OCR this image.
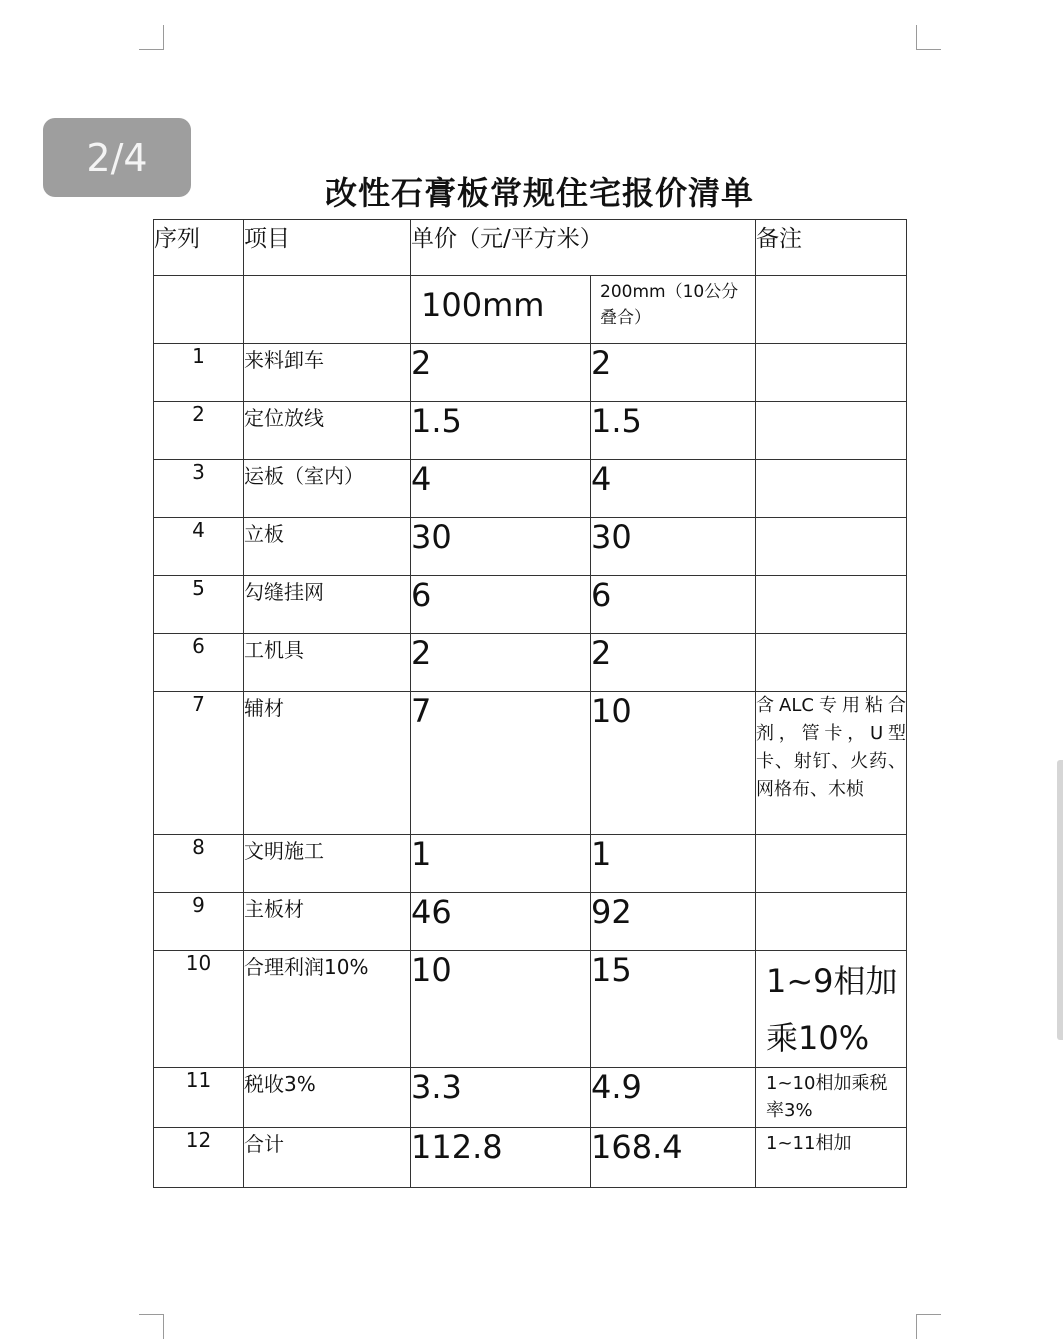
2/4
改性石膏板常规住宅报价清单
序列	项目	单价（元/平方米）		备注
		100mm	200mm（10公分叠合）	
1	来料卸车	2	2	
2	定位放线	1.5	1.5	
3	运板（室内）	4	4	
4	立板	30	30	
5	勾缝挂网	6	6	
6	工机具	2	2	
7	辅材	7	10	含ALC专用粘合剂，管卡，U型卡、射钉、火药、网格布、木桢
8	文明施工	1	1	
9	主板材	46	92	
10	合理利润10%	10	15	1~9相加乘10%
11	税收3%	3.3	4.9	1~10相加乘税率3%
12	合计	112.8	168.4	1~11相加
